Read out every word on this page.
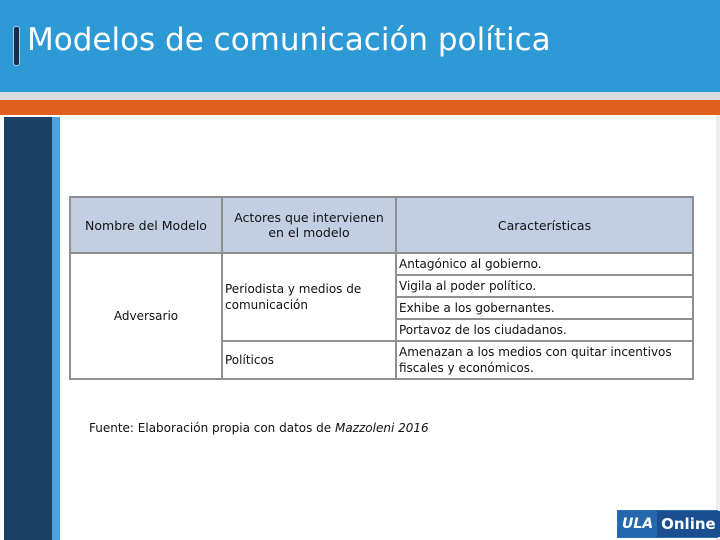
Modelos de comunicación política
Nombre del Modelo	Actores que intervienen en el modelo	Características
Adversario	Periodista y medios de comunicación	Antagónico al gobierno.
		Vigila al poder político.
		Exhibe a los gobernantes.
		Portavoz de los ciudadanos.
	Políticos	Amenazan a los medios con quitar incentivos fiscales y económicos.
Fuente: Elaboración propia con datos de Mazzoleni 2016
ULA Online
